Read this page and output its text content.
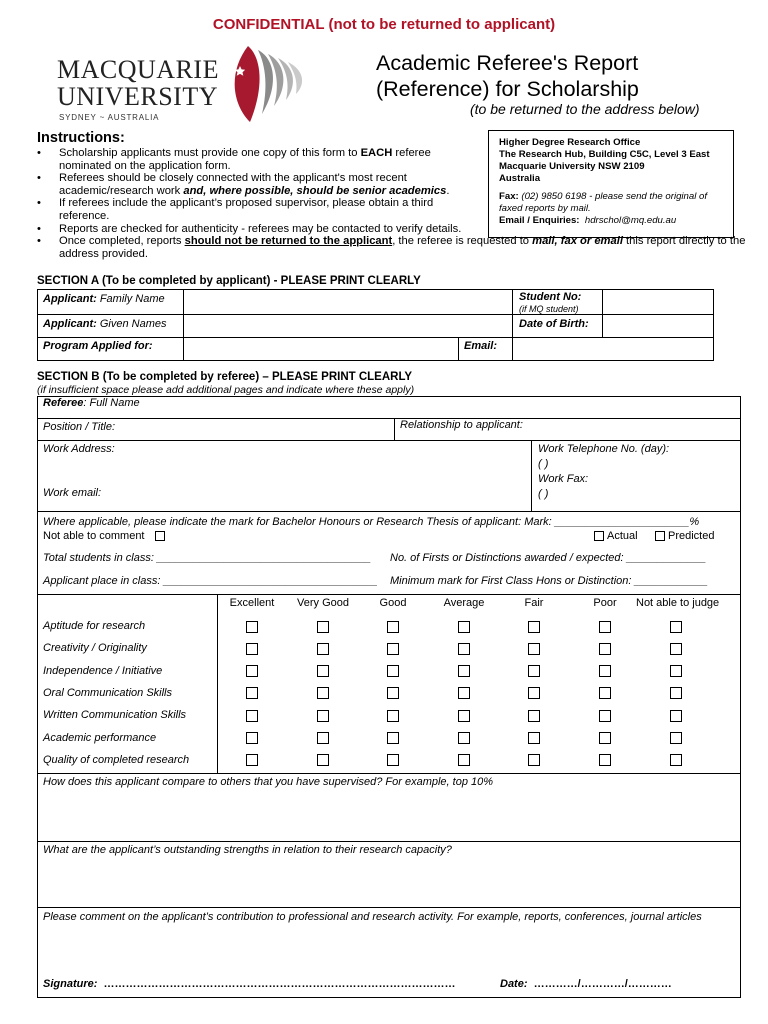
CONFIDENTIAL (not to be returned to applicant)
MACQUARIE
UNIVERSITY
SYDNEY ~ AUSTRALIA
Academic Referee's Report
(Reference) for Scholarship
(to be returned to the address below)
Instructions:
• Scholarship applicants must provide one copy of this form to EACH referee nominated on the application form.
• Referees should be closely connected with the applicant's most recent academic/research work and, where possible, should be senior academics.
• If referees include the applicant’s proposed supervisor, please obtain a third reference.
• Reports are checked for authenticity - referees may be contacted to verify details.
• Once completed, reports should not be returned to the applicant, the referee is requested to mail, fax or email this report directly to the address provided.
Higher Degree Research Office
The Research Hub, Building C5C, Level 3 East
Macquarie University NSW 2109
Australia
Fax: (02) 9850 6198 - please send the original of
faxed reports by mail.
Email / Enquiries: hdrschol@mq.edu.au
SECTION A (To be completed by applicant) - PLEASE PRINT CLEARLY
Applicant: Family Name
Applicant: Given Names
Program Applied for:
Student No:
(if MQ student)
Date of Birth:
Email:
SECTION B (To be completed by referee) – PLEASE PRINT CLEARLY
(if insufficient space please add additional pages and indicate where these apply)
Referee: Full Name
Position / Title:	Relationship to applicant:
Work Address:
Work email:
Work Telephone No. (day):
( )
Work Fax:
( )
Where applicable, please indicate the mark for Bachelor Honours or Research Thesis of applicant: Mark: ______________________%
Not able to comment	Actual	Predicted
Total students in class: ___________________________________ No. of Firsts or Distinctions awarded / expected: _____________
Applicant place in class: ___________________________________ Minimum mark for First Class Hons or Distinction: ____________
Excellent	Very Good	Good	Average	Fair	Poor	Not able to judge
Aptitude for research
Creativity / Originality
Independence / Initiative
Oral Communication Skills
Written Communication Skills
Academic performance
Quality of completed research
How does this applicant compare to others that you have supervised? For example, top 10%
What are the applicant’s outstanding strengths in relation to their research capacity?
Please comment on the applicant’s contribution to professional and research activity. For example, reports, conferences, journal articles
Signature: ……………………………………………………………………………………	Date: …………/…………/…………
